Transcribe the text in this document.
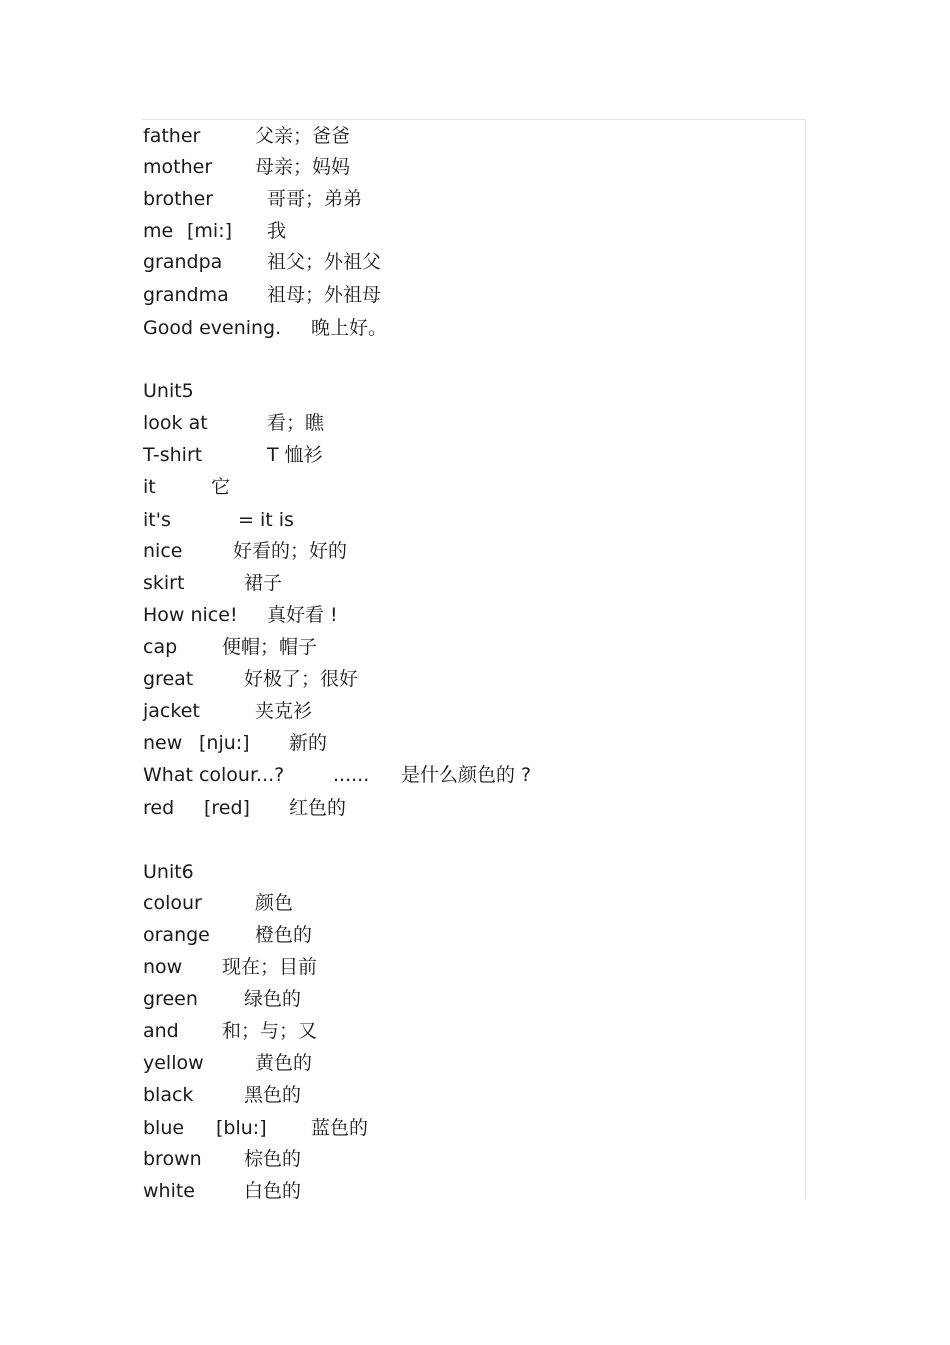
father	父亲；爸爸
mother 母亲；妈妈
brother	哥哥；弟弟
me [mi:] 我
grandpa 祖父；外祖父
grandma 祖母；外祖母
Good evening. 晚上好。
Unit5
look at	看；瞧
T-shirt	T 恤衫
it	它
it's	= it is
nice	好看的；好的
skirt	裙子
How nice! 真好看 !
cap 便帽；帽子
great	好极了；很好
jacket	夹克衫
new [nju:] 新的
What colour...?	...... 是什么颜色的 ?
red [red] 红色的
Unit6
colour	颜色
orange 橙色的
now 现在；目前
green 绿色的
and 和；与；又
yellow	黄色的
black	黑色的
blue [blu:] 蓝色的
brown 棕色的
white	白色的
